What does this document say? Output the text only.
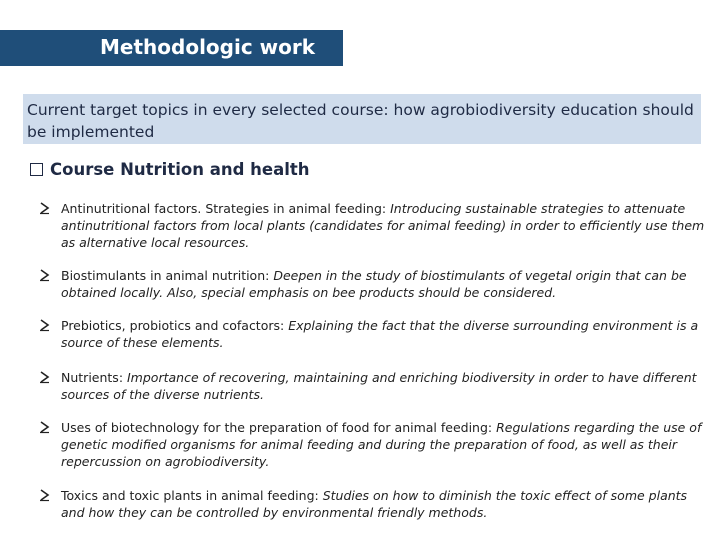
Methodologic work
Current target topics in every selected course: how agrobiodiversity education should be implemented
Course Nutrition and health
Antinutritional factors. Strategies in animal feeding: Introducing sustainable strategies to attenuate antinutritional factors from local plants (candidates for animal feeding) in order to efficiently use them as alternative local resources.
Biostimulants in animal nutrition: Deepen in the study of biostimulants of vegetal origin that can be obtained locally. Also, special emphasis on bee products should be considered.
Prebiotics, probiotics and cofactors: Explaining the fact that the diverse surrounding environment is a source of these elements.
Nutrients: Importance of recovering, maintaining and enriching biodiversity in order to have different sources of the diverse nutrients.
Uses of biotechnology for the preparation of food for animal feeding: Regulations regarding the use of genetic modified organisms for animal feeding and during the preparation of food, as well as their repercussion on agrobiodiversity.
Toxics and toxic plants in animal feeding: Studies on how to diminish the toxic effect of some plants and how they can be controlled by environmental friendly methods.
